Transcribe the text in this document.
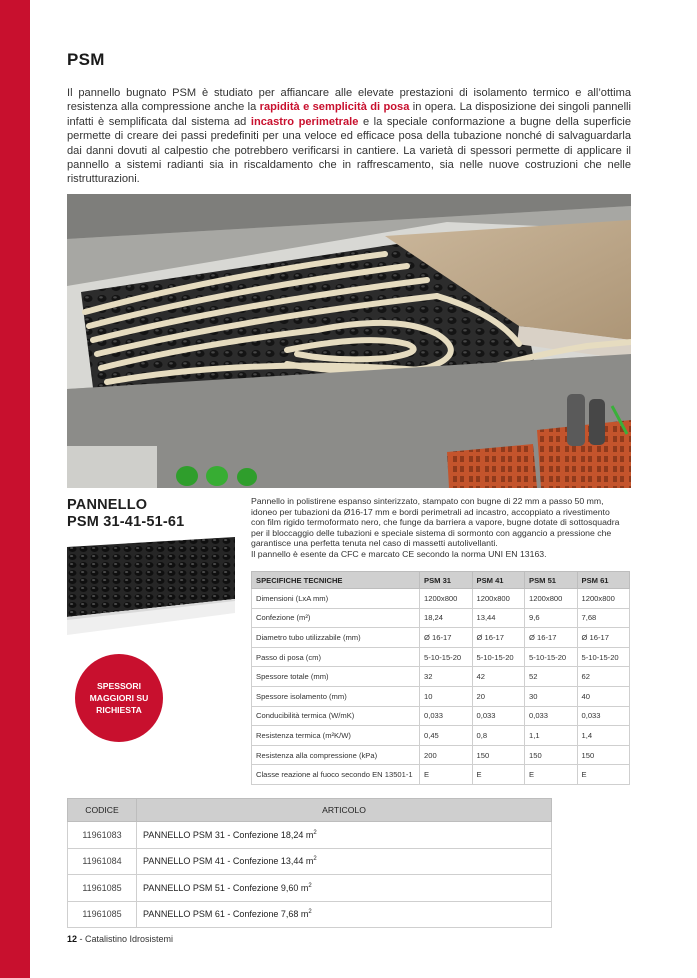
PSM

Il pannello bugnato PSM è studiato per affiancare alle elevate prestazioni di isolamento termico e all’ottima resistenza alla compressione anche la rapidità e semplicità di posa in opera. La disposizione dei singoli pannelli infatti è semplificata dal sistema ad incastro perimetrale e la speciale conformazione a bugne della superficie permette di creare dei passi predefiniti per una veloce ed efficace posa della tubazione nonché di salvaguardarla dai danni dovuti al calpestio che potrebbero verificarsi in cantiere. La varietà di spessori permette di applicare il pannello a sistemi radianti sia in riscaldamento che in raffrescamento, sia nelle nuove costruzioni che nelle ristrutturazioni.

PANNELLO
PSM 31-41-51-61
Pannello in polistirene espanso sinterizzato, stampato con bugne di 22 mm a passo 50 mm,
idoneo per tubazioni da Ø16-17 mm e bordi perimetrali ad incastro, accoppiato a rivestimento
con film rigido termoformato nero, che funge da barriera a vapore, bugne dotate di sottosquadra
per il bloccaggio delle tubazioni e speciale sistema di sormonto con aggancio a pressione che
garantisce una perfetta tenuta nel caso di massetti autolivellanti.
Il pannello è esente da CFC e marcato CE secondo la norma UNI EN 13163.
SPESSORI
MAGGIORI SU
RICHIESTA
SPECIFICHE TECNICHE	PSM 31	PSM 41	PSM 51	PSM 61
Dimensioni (LxA mm)	1200x800	1200x800	1200x800	1200x800
Confezione (m²)	18,24	13,44	9,6	7,68
Diametro tubo utilizzabile (mm)	Ø 16-17	Ø 16-17	Ø 16-17	Ø 16-17
Passo di posa (cm)	5-10-15-20	5-10-15-20	5-10-15-20	5-10-15-20
Spessore totale (mm)	32	42	52	62
Spessore isolamento (mm)	10	20	30	40
Conducibilità termica (W/mK)	0,033	0,033	0,033	0,033
Resistenza termica (m²K/W)	0,45	0,8	1,1	1,4
Resistenza alla compressione (kPa)	200	150	150	150
Classe reazione al fuoco secondo EN 13501-1	E	E	E	E
CODICE	ARTICOLO
11961083	PANNELLO PSM 31 - Confezione 18,24 $m^2$
11961084	PANNELLO PSM 41 - Confezione 13,44 $m^2$
11961085	PANNELLO PSM 51 - Confezione 9,60 $m^2$
11961085	PANNELLO PSM 61 - Confezione 7,68 $m^2$
12 - Catalistino Idrosistemi
